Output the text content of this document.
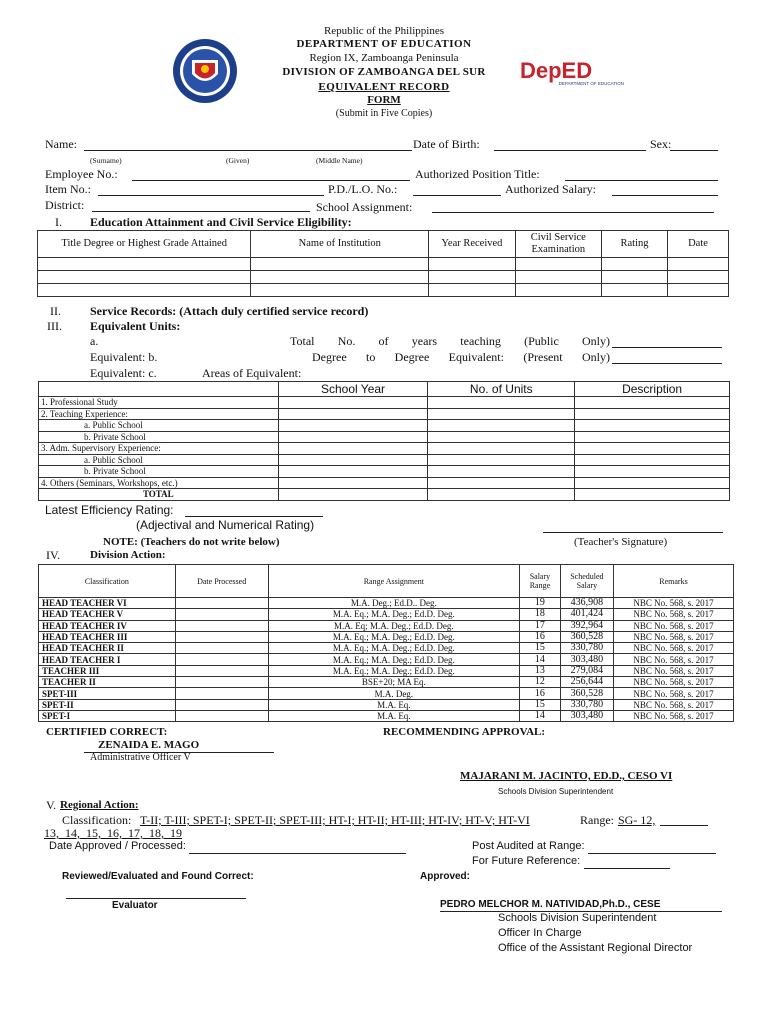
DepED
DEPARTMENT OF EDUCATION
Republic of the Philippines
DEPARTMENT OF EDUCATION
Region IX, Zamboanga Peninsula
DIVISION OF ZAMBOANGA DEL SUR
EQUIVALENT RECORD
FORM
(Submit in Five Copies)
Name:	Date of Birth:	Sex:
(Surname)	(Given)	(Middle Name)
Employee No.:	Authorized Position Title:
Item No.:	P.D./L.O. No.:	Authorized Salary:
District:	School Assignment:
I. Education Attainment and Civil Service Eligibility:
Title Degree or Highest Grade Attained	Name of Institution	Year Received	Civil Service Examination	Rating	Date

II. Service Records: (Attach duly certified service record)
III. Equivalent Units:
a.	Total No. of years teaching (Public Only)
Equivalent: b.	Degree to Degree Equivalent: (Present Only)
Equivalent: c.	Areas of Equivalent:
	School Year	No. of Units	Description
1. Professional Study			
2. Teaching Experience:			
a. Public School			
b. Private School			
3. Adm. Supervisory Experience:			
a. Public School			
b. Private School			
4. Others (Seminars, Workshops, etc.)			
TOTAL			
Latest Efficiency Rating:
(Adjectival and Numerical Rating)
NOTE: (Teachers do not write below)	(Teacher's Signature)
IV.	Division Action:
Classification	Date Processed	Range Assignment	Salary Range	Scheduled Salary	Remarks
HEAD TEACHER VI		M.A. Deg.; Ed.D.. Deg.	19	436,908	NBC No. 568, s. 2017
HEAD TEACHER V		M.A. Eq.; M.A. Deg.; Ed.D. Deg.	18	401,424	NBC No. 568, s. 2017
HEAD TEACHER IV		M.A. Eq; M.A. Deg.; Ed.D. Deg.	17	392,964	NBC No. 568, s. 2017
HEAD TEACHER III		M.A. Eq.; M.A. Deg.; Ed.D. Deg.	16	360,528	NBC No. 568, s. 2017
HEAD TEACHER II		M.A. Eq.; M.A. Deg.; Ed.D. Deg.	15	330,780	NBC No. 568, s. 2017
HEAD TEACHER I		M.A. Eq.; M.A. Deg.; Ed.D. Deg.	14	303,480	NBC No. 568, s. 2017
TEACHER III		M.A. Eq.; M.A. Deg.; Ed.D. Deg.	13	279,084	NBC No. 568, s. 2017
TEACHER II		BSE+20; MA Eq.	12	256,644	NBC No. 568, s. 2017
SPET-III		M.A. Deg.	16	360,528	NBC No. 568, s. 2017
SPET-II		M.A. Eq.	15	330,780	NBC No. 568, s. 2017
SPET-I		M.A. Eq.	14	303,480	NBC No. 568, s. 2017
CERTIFIED CORRECT:	RECOMMENDING APPROVAL:
ZENAIDA E. MAGO
Administrative Officer V
MAJARANI M. JACINTO, ED.D., CESO VI
Schools Division Superintendent
V. Regional Action:
Classification: T-II; T-III; SPET-I; SPET-II; SPET-III; HT-I; HT-II; HT-III; HT-IV; HT-V; HT-VI	Range: SG- 12,
13, 14, 15, 16, 17, 18, 19
Date Approved / Processed:	Post Audited at Range:
For Future Reference:
Reviewed/Evaluated and Found Correct:	Approved:
Evaluator	PEDRO MELCHOR M. NATIVIDAD,Ph.D., CESE
Schools Division Superintendent
Officer In Charge
Office of the Assistant Regional Director
